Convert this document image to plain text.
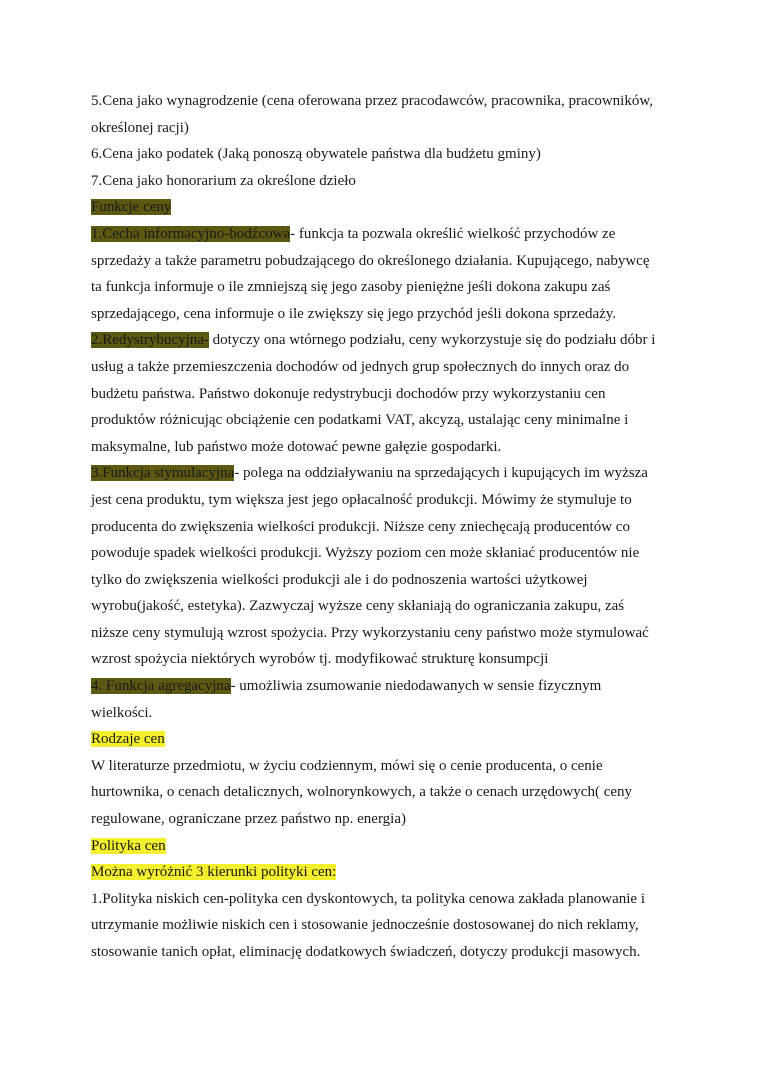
5.Cena jako wynagrodzenie (cena oferowana przez pracodawców, pracownika, pracowników,
określonej racji)
6.Cena jako podatek (Jaką ponoszą obywatele państwa dla budżetu gminy)
7.Cena jako honorarium za określone dzieło
Funkcje ceny
1.Cecha informacyjno-bodźcowa- funkcja ta pozwala określić wielkość przychodów ze
sprzedaży a także parametru pobudzającego do określonego działania. Kupującego, nabywcę
ta funkcja informuje o ile zmniejszą się jego zasoby pieniężne jeśli dokona zakupu zaś
sprzedającego, cena informuje o ile zwiększy się jego przychód jeśli dokona sprzedaży.
2.Redystrybucyjna- dotyczy ona wtórnego podziału, ceny wykorzystuje się do podziału dóbr i
usług a także przemieszczenia dochodów od jednych grup społecznych do innych oraz do
budżetu państwa. Państwo dokonuje redystrybucji dochodów przy wykorzystaniu cen
produktów różnicując obciążenie cen podatkami VAT, akcyzą, ustalając ceny minimalne i
maksymalne, lub państwo może dotować pewne gałęzie gospodarki.
3.Funkcja stymulacyjna- polega na oddziaływaniu na sprzedających i kupujących im wyższa
jest cena produktu, tym większa jest jego opłacalność produkcji. Mówimy że stymuluje to
producenta do zwiększenia wielkości produkcji. Niższe ceny zniechęcają producentów co
powoduje spadek wielkości produkcji. Wyższy poziom cen może skłaniać producentów nie
tylko do zwiększenia wielkości produkcji ale i do podnoszenia wartości użytkowej
wyrobu(jakość, estetyka). Zazwyczaj wyższe ceny skłaniają do ograniczania zakupu, zaś
niższe ceny stymulują wzrost spożycia. Przy wykorzystaniu ceny państwo może stymulować
wzrost spożycia niektórych wyrobów tj. modyfikować strukturę konsumpcji
4. Funkcja agregacyjna- umożliwia zsumowanie niedodawanych w sensie fizycznym
wielkości.
Rodzaje cen
W literaturze przedmiotu, w życiu codziennym, mówi się o cenie producenta, o cenie
hurtownika, o cenach detalicznych, wolnorynkowych, a także o cenach urzędowych( ceny
regulowane, ograniczane przez państwo np. energia)
Polityka cen
Można wyróżnić 3 kierunki polityki cen:
1.Polityka niskich cen-polityka cen dyskontowych, ta polityka cenowa zakłada planowanie i
utrzymanie możliwie niskich cen i stosowanie jednocześnie dostosowanej do nich reklamy,
stosowanie tanich opłat, eliminację dodatkowych świadczeń, dotyczy produkcji masowych.
